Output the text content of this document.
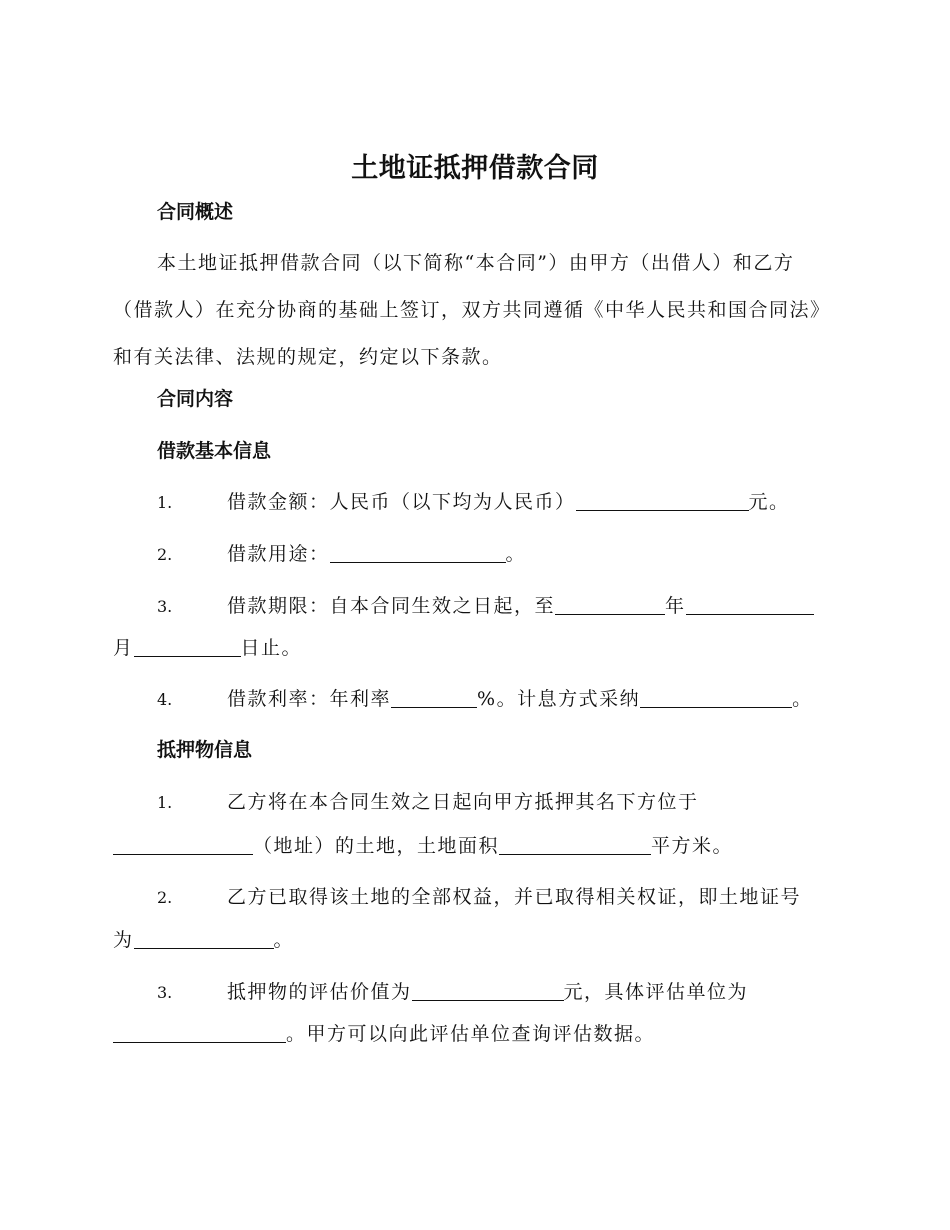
土地证抵押借款合同
合同概述

本土地证抵押借款合同（以下简称“本合同”）由甲方（出借人）和乙方（借款人）在充分协商的基础上签订，双方共同遵循《中华人民共和国合同法》和有关法律、法规的规定，约定以下条款。

合同内容
借款基本信息
1.	借款金额：人民币（以下均为人民币）	元。
2.	借款用途：	。
3.	借款期限：自本合同生效之日起，至	年
月	日止。
4.	借款利率：年利率	%。计息方式采纳	。
抵押物信息
1.	乙方将在本合同生效之日起向甲方抵押其名下方位于
（地址）的土地，土地面积	平方米。
2.	乙方已取得该土地的全部权益，并已取得相关权证，即土地证号
为	。
3.	抵押物的评估价值为	元，具体评估单位为
。甲方可以向此评估单位查询评估数据。
